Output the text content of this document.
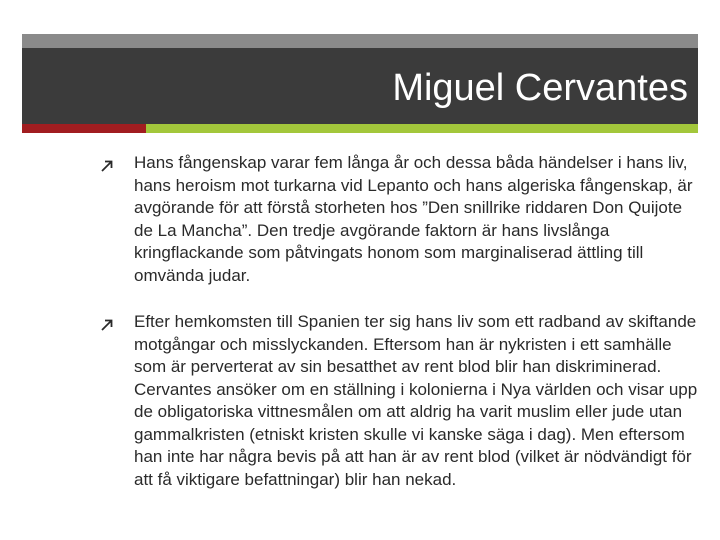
Miguel Cervantes
Hans fångenskap varar fem långa år och dessa båda händelser i hans liv, hans heroism mot turkarna vid Lepanto och hans algeriska fångenskap, är avgörande för att förstå storheten hos ”Den snillrike riddaren Don Quijote de La Mancha”. Den tredje avgörande faktorn är hans livslånga kringflackande som påtvingats honom som marginaliserad ättling till omvända judar.
Efter hemkomsten till Spanien ter sig hans liv som ett radband av skiftande motgångar och misslyckanden. Eftersom han är nykristen i ett samhälle som är perverterat av sin besatthet av rent blod blir han diskriminerad. Cervantes ansöker om en ställning i kolonierna i Nya världen och visar upp de obligatoriska vittnesmålen om att aldrig ha varit muslim eller jude utan gammalkristen (etniskt kristen skulle vi kanske säga i dag). Men eftersom han inte har några bevis på att han är av rent blod (vilket är nödvändigt för att få viktigare befattningar) blir han nekad.
